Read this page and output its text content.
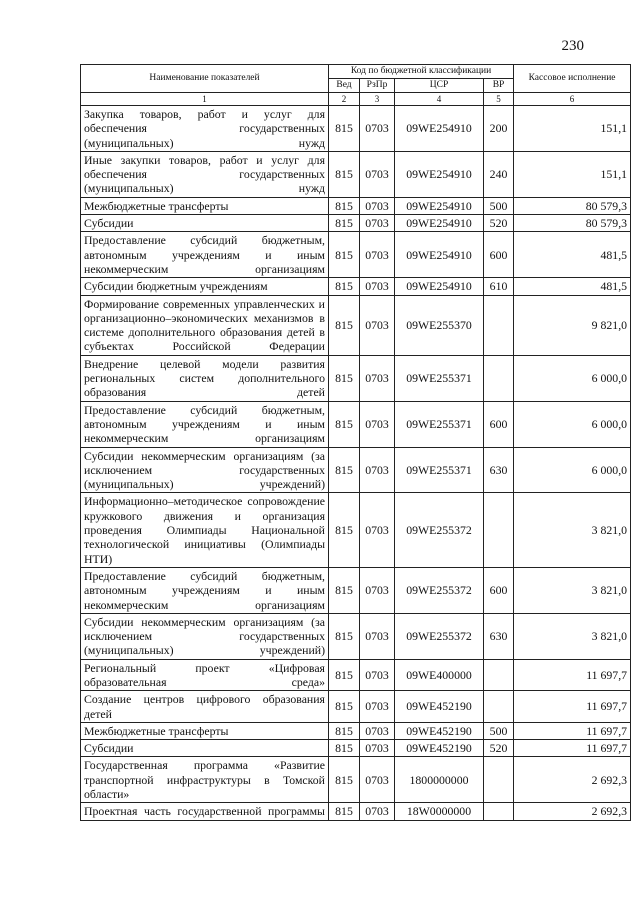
230
Наименование показателей	Код по бюджетной классификации				Кассовое исполнение
	Вед	РзПр	ЦСР	ВР	
1	2	3	4	5	6
Закупка товаров, работ и услуг для обеспечения государственных (муниципальных) нужд	815	0703	09WE254910	200	151,1
Иные закупки товаров, работ и услуг для обеспечения государственных (муниципальных) нужд	815	0703	09WE254910	240	151,1
Межбюджетные трансферты	815	0703	09WE254910	500	80 579,3
Субсидии	815	0703	09WE254910	520	80 579,3
Предоставление субсидий бюджетным, автономным учреждениям и иным некоммерческим организациям	815	0703	09WE254910	600	481,5
Субсидии бюджетным учреждениям	815	0703	09WE254910	610	481,5
Формирование современных управленческих и организационно–экономических механизмов в системе дополнительного образования детей в субъектах Российской Федерации	815	0703	09WE255370		9 821,0
Внедрение целевой модели развития региональных систем дополнительного образования детей	815	0703	09WE255371		6 000,0
Предоставление субсидий бюджетным, автономным учреждениям и иным некоммерческим организациям	815	0703	09WE255371	600	6 000,0
Субсидии некоммерческим организациям (за исключением государственных (муниципальных) учреждений)	815	0703	09WE255371	630	6 000,0
Информационно–методическое сопровождение кружкового движения и организация проведения Олимпиады Национальной технологической инициативы (Олимпиады НТИ)	815	0703	09WE255372		3 821,0
Предоставление субсидий бюджетным, автономным учреждениям и иным некоммерческим организациям	815	0703	09WE255372	600	3 821,0
Субсидии некоммерческим организациям (за исключением государственных (муниципальных) учреждений)	815	0703	09WE255372	630	3 821,0
Региональный проект «Цифровая образовательная среда»	815	0703	09WE400000		11 697,7
Создание центров цифрового образования детей	815	0703	09WE452190		11 697,7
Межбюджетные трансферты	815	0703	09WE452190	500	11 697,7
Субсидии	815	0703	09WE452190	520	11 697,7
Государственная программа «Развитие транспортной инфраструктуры в Томской области»	815	0703	1800000000		2 692,3
Проектная часть государственной программы	815	0703	18W0000000		2 692,3
